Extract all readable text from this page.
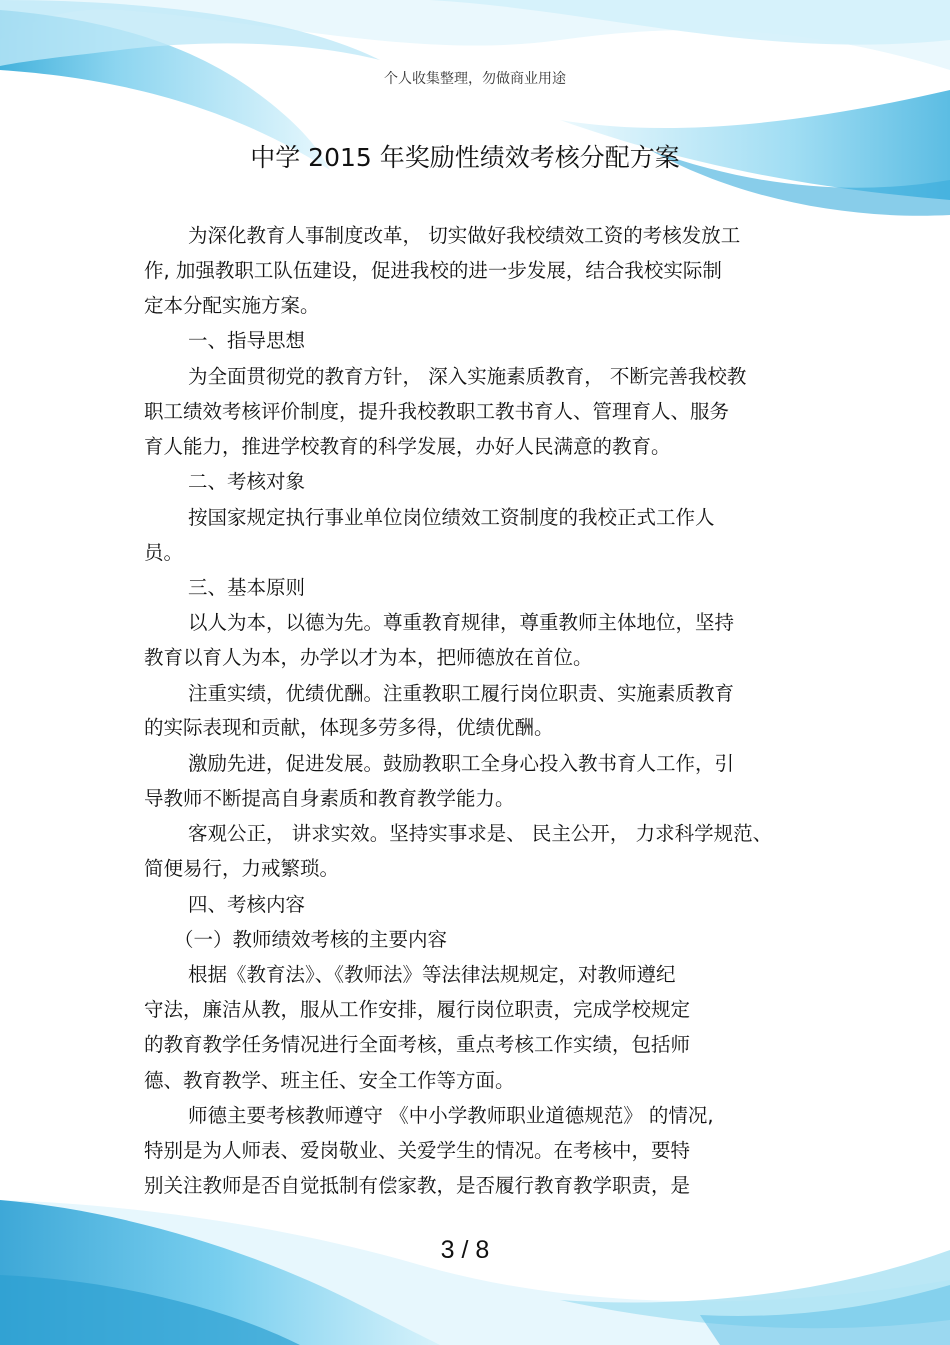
个人收集整理，勿做商业用途
中学 2015 年奖励性绩效考核分配方案
为深化教育人事制度改革， 切实做好我校绩效工资的考核发放工
作, 加强教职工队伍建设，促进我校的进一步发展，结合我校实际制
定本分配实施方案。
一、指导思想
为全面贯彻党的教育方针， 深入实施素质教育， 不断完善我校教
职工绩效考核评价制度，提升我校教职工教书育人、管理育人、服务
育人能力，推进学校教育的科学发展，办好人民满意的教育。
二、考核对象
按国家规定执行事业单位岗位绩效工资制度的我校正式工作人
员。
三、基本原则
以人为本，以德为先。尊重教育规律，尊重教师主体地位，坚持
教育以育人为本，办学以才为本，把师德放在首位。
注重实绩，优绩优酬。注重教职工履行岗位职责、实施素质教育
的实际表现和贡献，体现多劳多得，优绩优酬。
激励先进，促进发展。鼓励教职工全身心投入教书育人工作，引
导教师不断提高自身素质和教育教学能力。
客观公正， 讲求实效。坚持实事求是、 民主公开， 力求科学规范、
简便易行，力戒繁琐。
四、考核内容
（一）教师绩效考核的主要内容
根据《教育法》、《教师法》等法律法规规定，对教师遵纪
守法，廉洁从教，服从工作安排，履行岗位职责，完成学校规定
的教育教学任务情况进行全面考核，重点考核工作实绩，包括师
德、教育教学、班主任、安全工作等方面。
师德主要考核教师遵守 《中小学教师职业道德规范》 的情况,
特别是为人师表、爱岗敬业、关爱学生的情况。在考核中，要特
别关注教师是否自觉抵制有偿家教，是否履行教育教学职责，是
3 / 8
